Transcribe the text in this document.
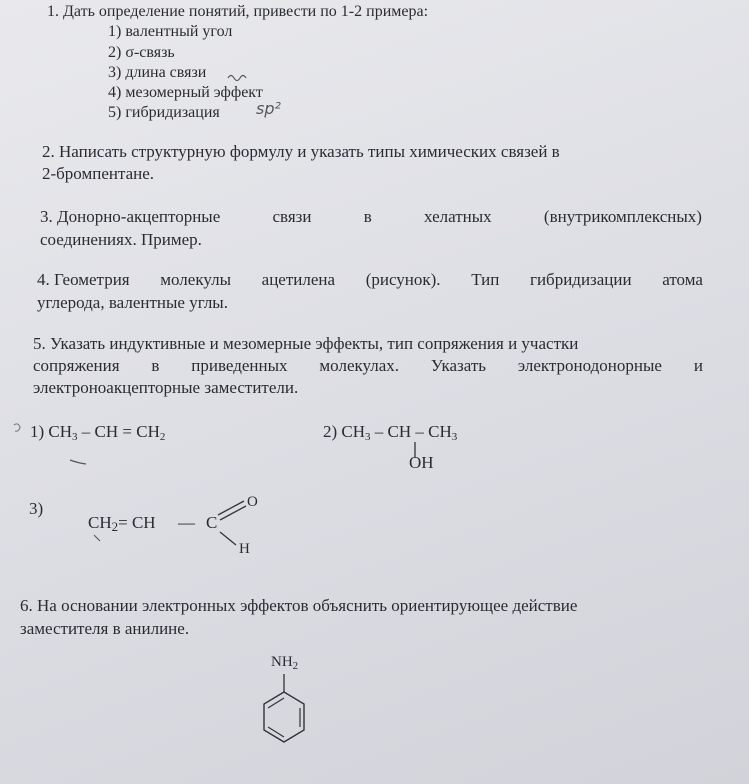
1. Дать определение понятий, привести по 1-2 примера:
1) валентный угол
2) σ-связь
3) длина связи
4) мезомерный эффект
5) гибридизация sp²
2. Написать структурную формулу и указать типы химических связей в
2-бромпентане.
3. Донорно-акцепторные	связи	в	хелатных	(внутрикомплексных)
соединениях. Пример.
4. Геометрия молекулы ацетилена (рисунок). Тип гибридизации атома
углерода, валентные углы.
5. Указать индуктивные и мезомерные эффекты, тип сопряжения и участки
сопряжения в приведенных молекулах. Указать электронодонорные и
электроноакцепторные заместители.
1) $CH_3$ – CH = $CH_2$	2) $CH_3$ – CH – $CH_3$
OH
3)
$CH_2=$ CH — C
O
H
6. На основании электронных эффектов объяснить ориентирующее действие
заместителя в анилине.
$NH_2$
